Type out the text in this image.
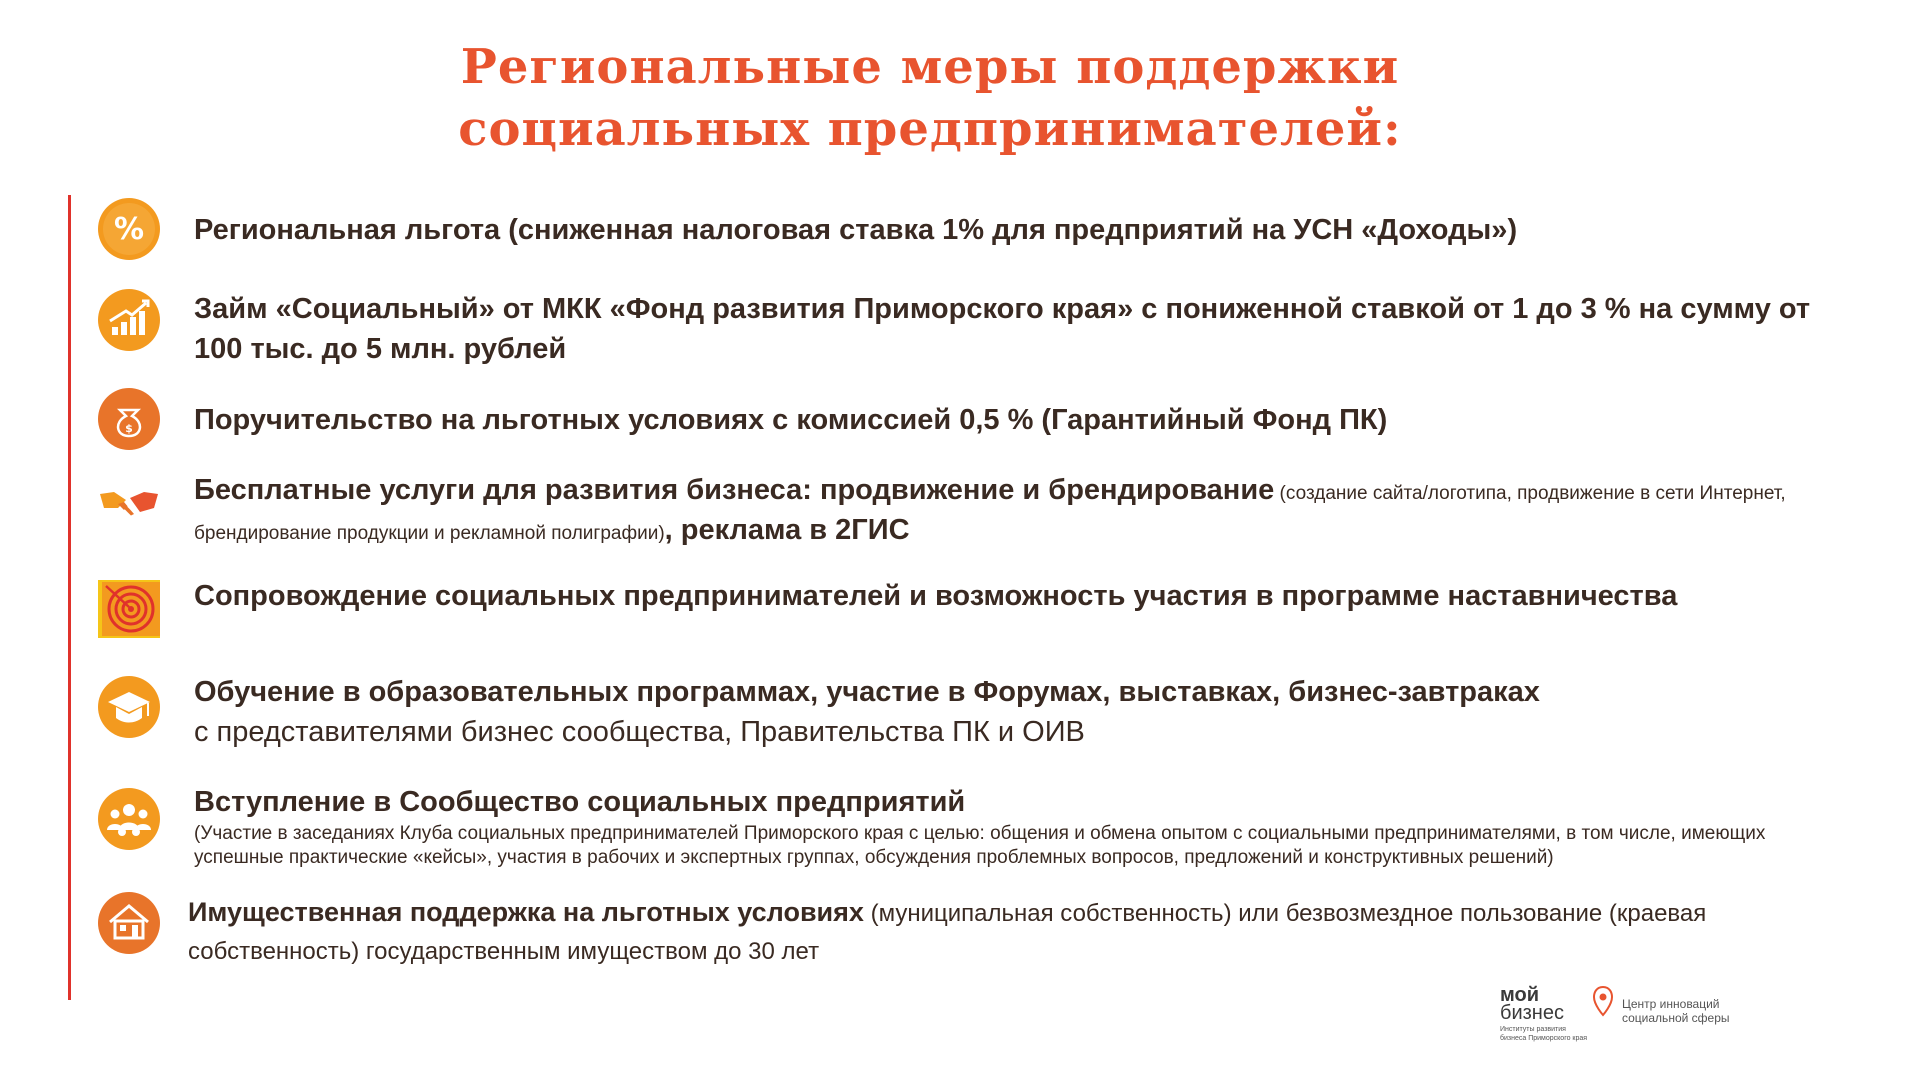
Региональные меры поддержки
социальных предпринимателей:
% Региональная льгота (сниженная налоговая ставка 1% для предприятий на УСН «Доходы»)
Займ «Социальный» от МКК «Фонд развития Приморского края» с пониженной ставкой от 1 до 3 % на сумму от 100 тыс. до 5 млн. рублей
$ Поручительство на льготных условиях с комиссией 0,5 % (Гарантийный Фонд ПК)
Бесплатные услуги для развития бизнеса: продвижение и брендирование (создание сайта/логотипа, продвижение в сети Интернет, брендирование продукции и рекламной полиграфии), реклама в 2ГИС
Сопровождение социальных предпринимателей и возможность участия в программе наставничества
Обучение в образовательных программах, участие в Форумах, выставках, бизнес-завтраках
с представителями бизнес сообщества, Правительства ПК и ОИВ
Вступление в Сообщество социальных предприятий
(Участие в заседаниях Клуба социальных предпринимателей Приморского края с целью: общения и обмена опытом с социальными предпринимателями, в том числе, имеющих успешные практические «кейсы», участия в рабочих и экспертных группах, обсуждения проблемных вопросов, предложений и конструктивных решений)
Имущественная поддержка на льготных условиях (муниципальная собственность) или безвозмездное пользование (краевая собственность) государственным имуществом до 30 лет
мой
бизнес
Институты развития бизнеса Приморского края
Центр инноваций социальной сферы
